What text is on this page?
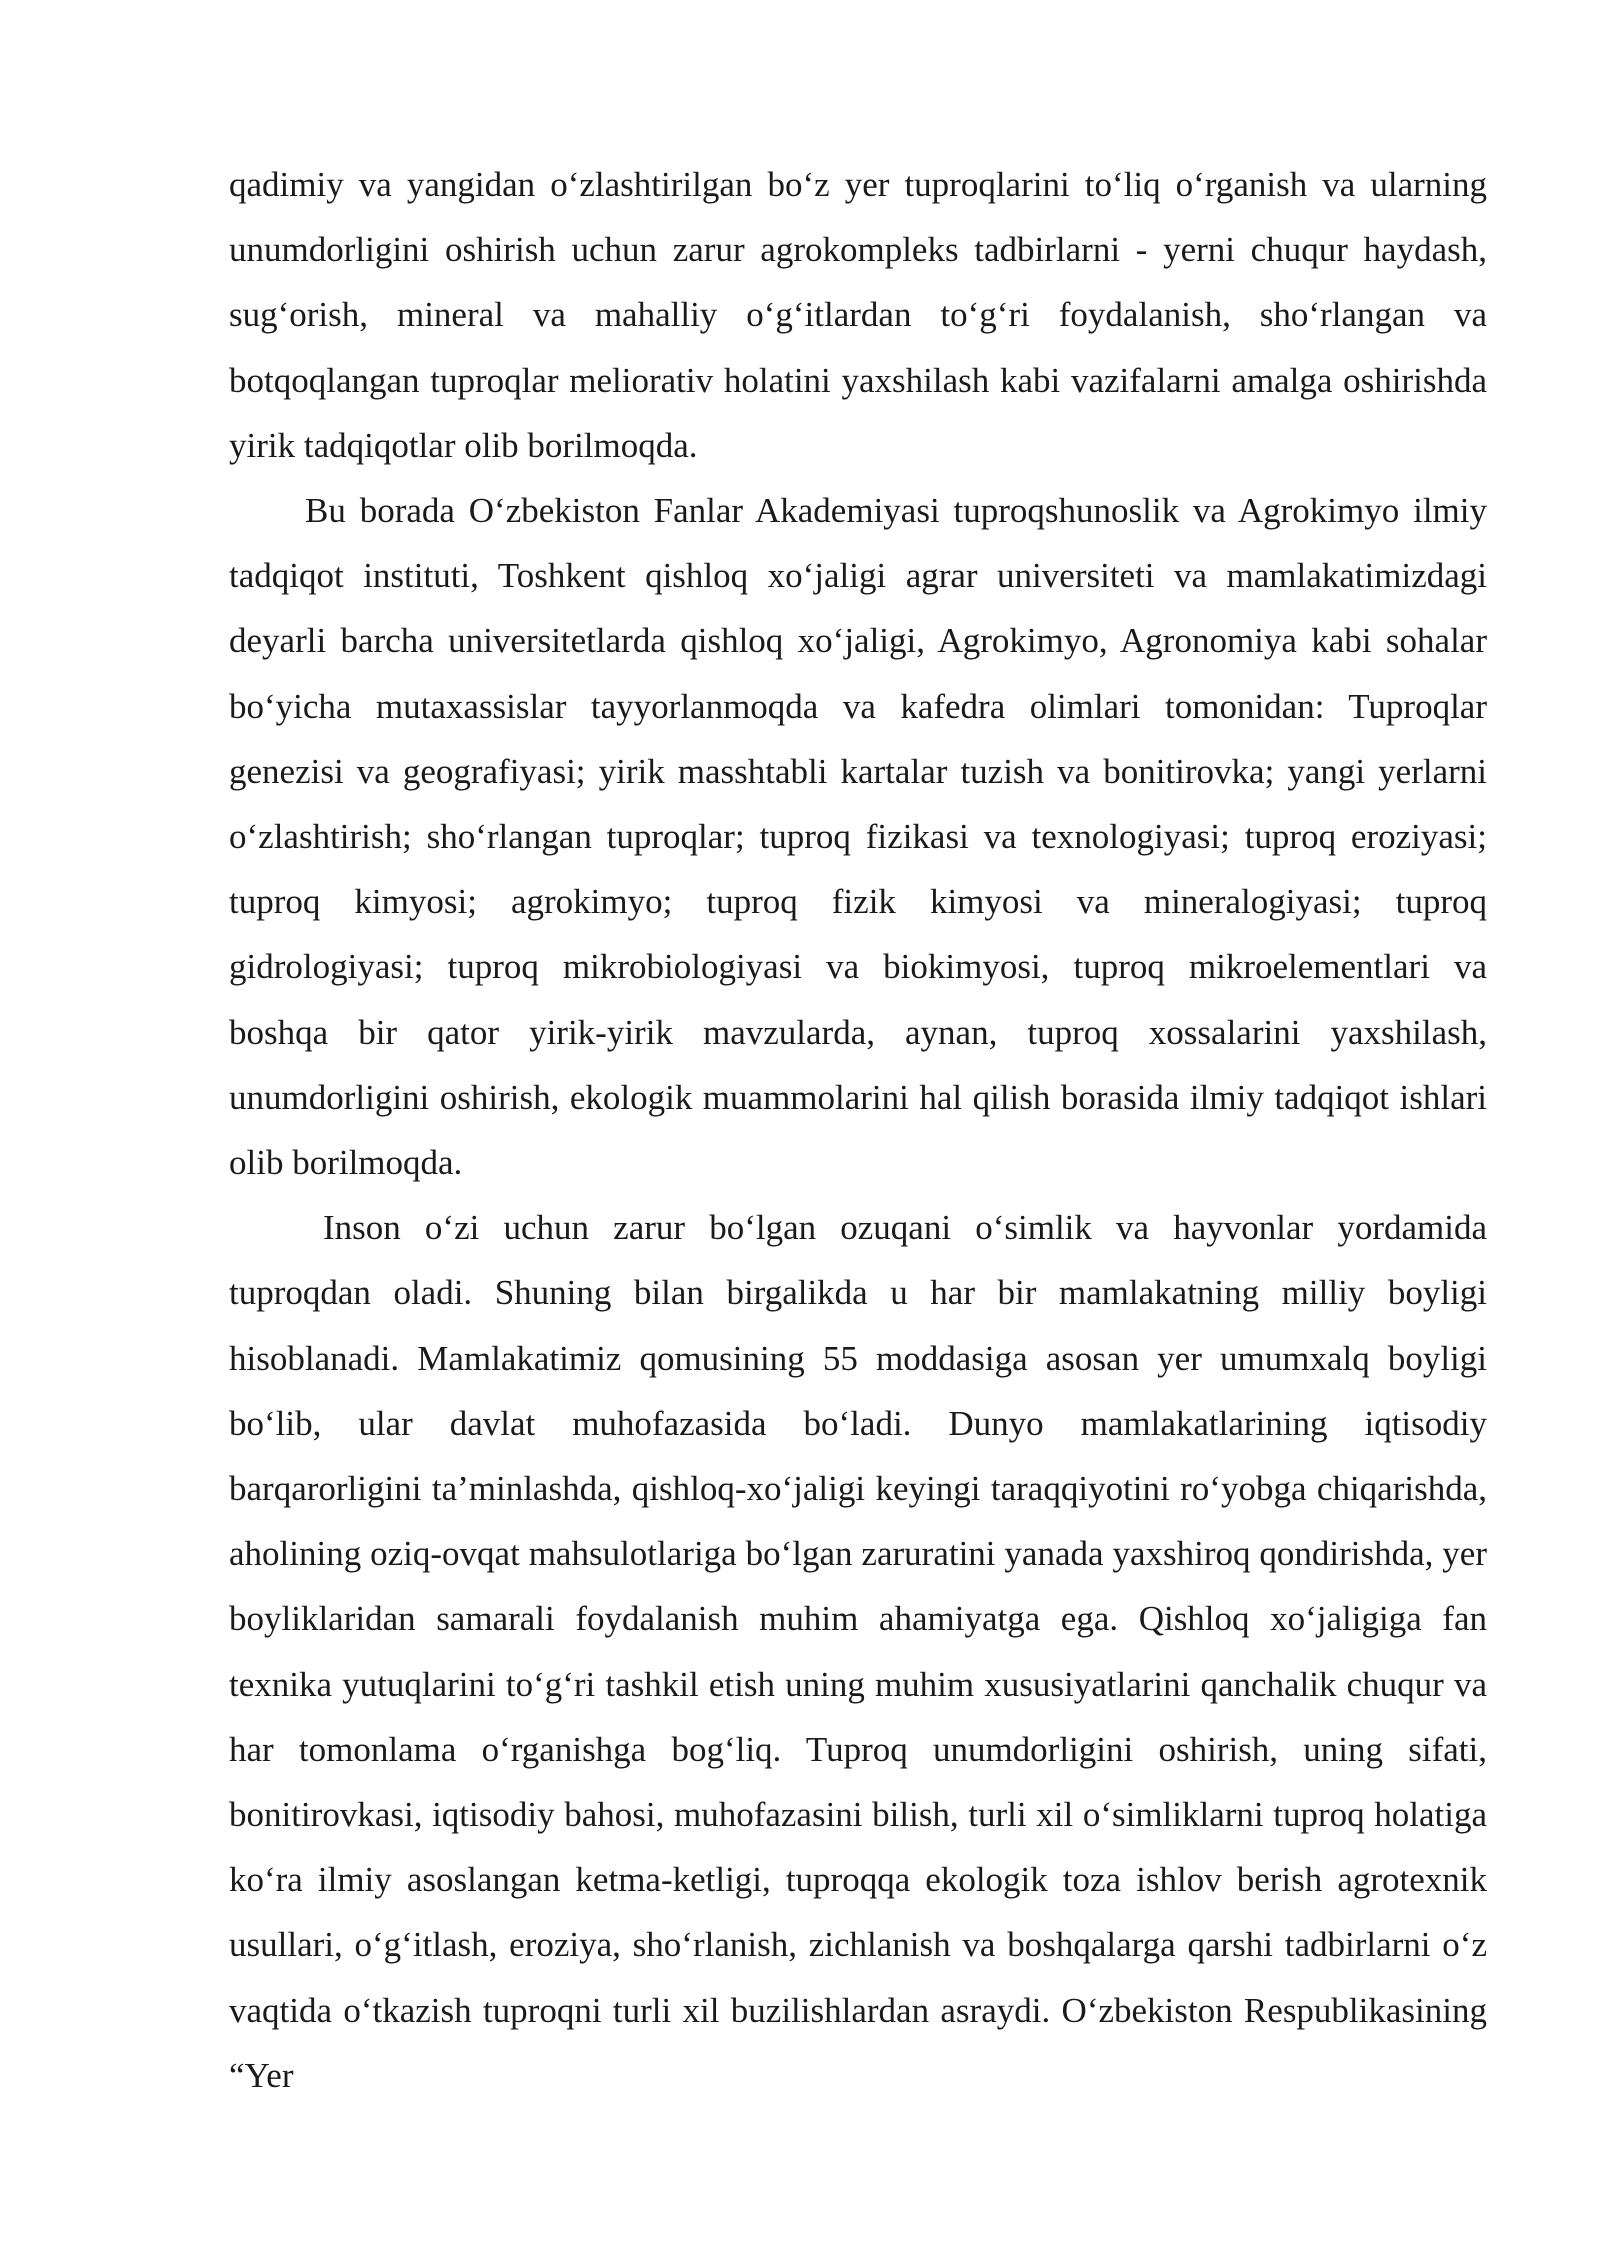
qadimiy va yangidan o‘zlashtirilgan bo‘z yer tuproqlarini to‘liq o‘rganish va ularning unumdorligini oshirish uchun zarur agrokompleks tadbirlarni - yerni chuqur haydash, sug‘orish, mineral va mahalliy o‘g‘itlardan to‘g‘ri foydalanish, sho‘rlangan va botqoqlangan tuproqlar meliorativ holatini yaxshilash kabi vazifalarni amalga oshirishda yirik tadqiqotlar olib borilmoqda.

Bu borada O‘zbekiston Fanlar Akademiyasi tuproqshunoslik va Agrokimyo ilmiy tadqiqot instituti, Toshkent qishloq xo‘jaligi agrar universiteti va mamlakatimizdagi deyarli barcha universitetlarda qishloq xo‘jaligi, Agrokimyo, Agronomiya kabi sohalar bo‘yicha mutaxassislar tayyorlanmoqda va kafedra olimlari tomonidan: Tuproqlar genezisi va geografiyasi; yirik masshtabli kartalar tuzish va bonitirovka; yangi yerlarni o‘zlashtirish; sho‘rlangan tuproqlar; tuproq fizikasi va texnologiyasi; tuproq eroziyasi; tuproq kimyosi; agrokimyo; tuproq fizik kimyosi va mineralogiyasi; tuproq gidrologiyasi; tuproq mikrobiologiyasi va biokimyosi, tuproq mikroelementlari va boshqa bir qator yirik-yirik mavzularda, aynan, tuproq xossalarini yaxshilash, unumdorligini oshirish, ekologik muammolarini hal qilish borasida ilmiy tadqiqot ishlari olib borilmoqda.

Inson o‘zi uchun zarur bo‘lgan ozuqani o‘simlik va hayvonlar yordamida tuproqdan oladi. Shuning bilan birgalikda u har bir mamlakatning milliy boyligi hisoblanadi. Mamlakatimiz qomusining 55 moddasiga asosan yer umumxalq boyligi bo‘lib, ular davlat muhofazasida bo‘ladi. Dunyo mamlakatlarining iqtisodiy barqarorligini ta’minlashda, qishloq-xo‘jaligi keyingi taraqqiyotini ro‘yobga chiqarishda, aholining oziq-ovqat mahsulotlariga bo‘lgan zaruratini yanada yaxshiroq qondirishda, yer boyliklaridan samarali foydalanish muhim ahamiyatga ega. Qishloq xo‘jaligiga fan texnika yutuqlarini to‘g‘ri tashkil etish uning muhim xususiyatlarini qanchalik chuqur va har tomonlama o‘rganishga bog‘liq. Tuproq unumdorligini oshirish, uning sifati, bonitirovkasi, iqtisodiy bahosi, muhofazasini bilish, turli xil o‘simliklarni tuproq holatiga ko‘ra ilmiy asoslangan ketma-ketligi, tuproqqa ekologik toza ishlov berish agrotexnik usullari, o‘g‘itlash, eroziya, sho‘rlanish, zichlanish va boshqalarga qarshi tadbirlarni o‘z vaqtida o‘tkazish tuproqni turli xil buzilishlardan asraydi. O‘zbekiston Respublikasining “Yer
